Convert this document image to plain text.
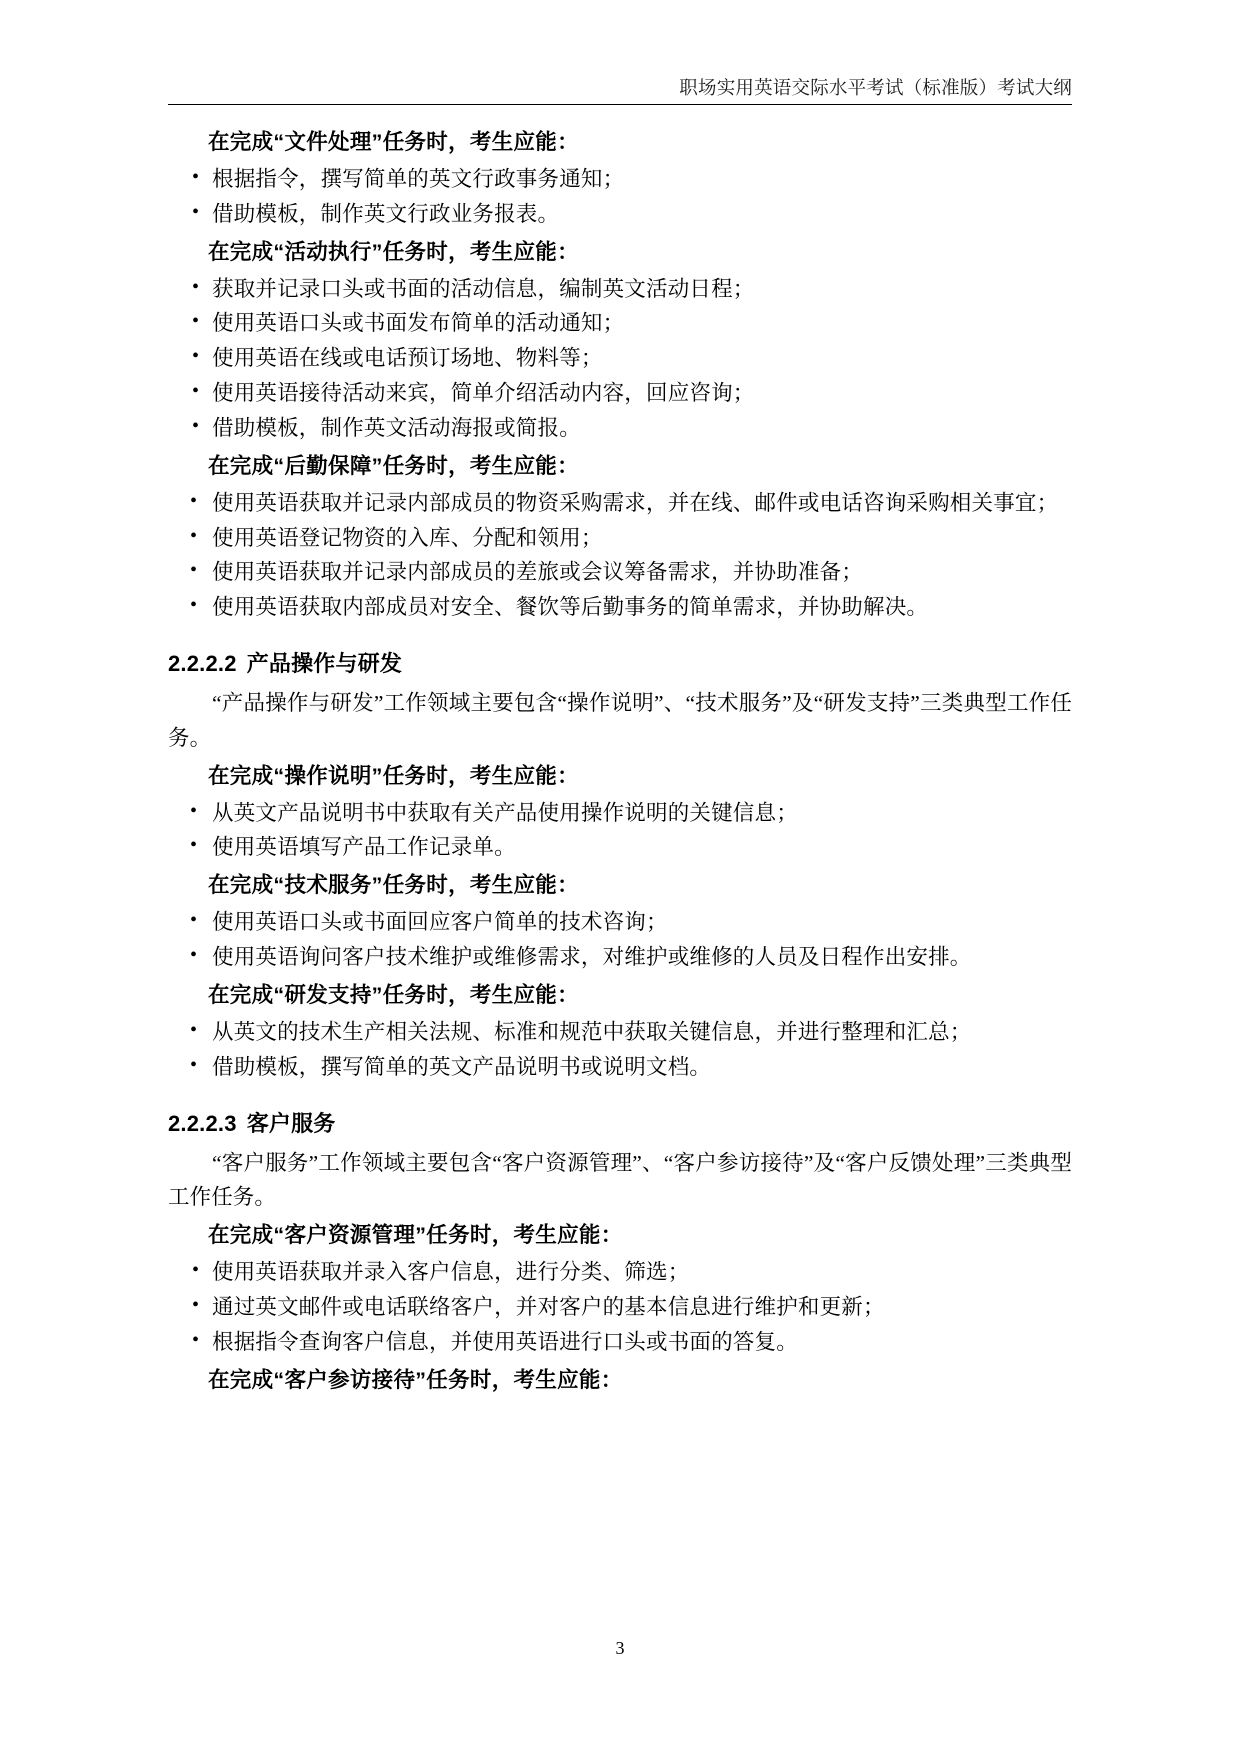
职场实用英语交际水平考试（标准版）考试大纲

在完成“文件处理”任务时，考生应能：

• 根据指令，撰写简单的英文行政事务通知；
• 借助模板，制作英文行政业务报表。

在完成“活动执行”任务时，考生应能：

• 获取并记录口头或书面的活动信息，编制英文活动日程；
• 使用英语口头或书面发布简单的活动通知；
• 使用英语在线或电话预订场地、物料等；
• 使用英语接待活动来宾，简单介绍活动内容，回应咨询；
• 借助模板，制作英文活动海报或简报。

在完成“后勤保障”任务时，考生应能：

• 使用英语获取并记录内部成员的物资采购需求，并在线、邮件或电话咨询采购相关事宜；
• 使用英语登记物资的入库、分配和领用；
• 使用英语获取并记录内部成员的差旅或会议筹备需求，并协助准备；
• 使用英语获取内部成员对安全、餐饮等后勤事务的简单需求，并协助解决。
2.2.2.2 产品操作与研发

“产品操作与研发”工作领域主要包含“操作说明”、“技术服务”及“研发支持”三类典型工作任务。

在完成“操作说明”任务时，考生应能：

• 从英文产品说明书中获取有关产品使用操作说明的关键信息；
• 使用英语填写产品工作记录单。

在完成“技术服务”任务时，考生应能：

• 使用英语口头或书面回应客户简单的技术咨询；
• 使用英语询问客户技术维护或维修需求，对维护或维修的人员及日程作出安排。

在完成“研发支持”任务时，考生应能：

• 从英文的技术生产相关法规、标准和规范中获取关键信息，并进行整理和汇总；
• 借助模板，撰写简单的英文产品说明书或说明文档。
2.2.2.3 客户服务

“客户服务”工作领域主要包含“客户资源管理”、“客户参访接待”及“客户反馈处理”三类典型工作任务。

在完成“客户资源管理”任务时，考生应能：

• 使用英语获取并录入客户信息，进行分类、筛选；
• 通过英文邮件或电话联络客户，并对客户的基本信息进行维护和更新；
• 根据指令查询客户信息，并使用英语进行口头或书面的答复。

在完成“客户参访接待”任务时，考生应能：

3
